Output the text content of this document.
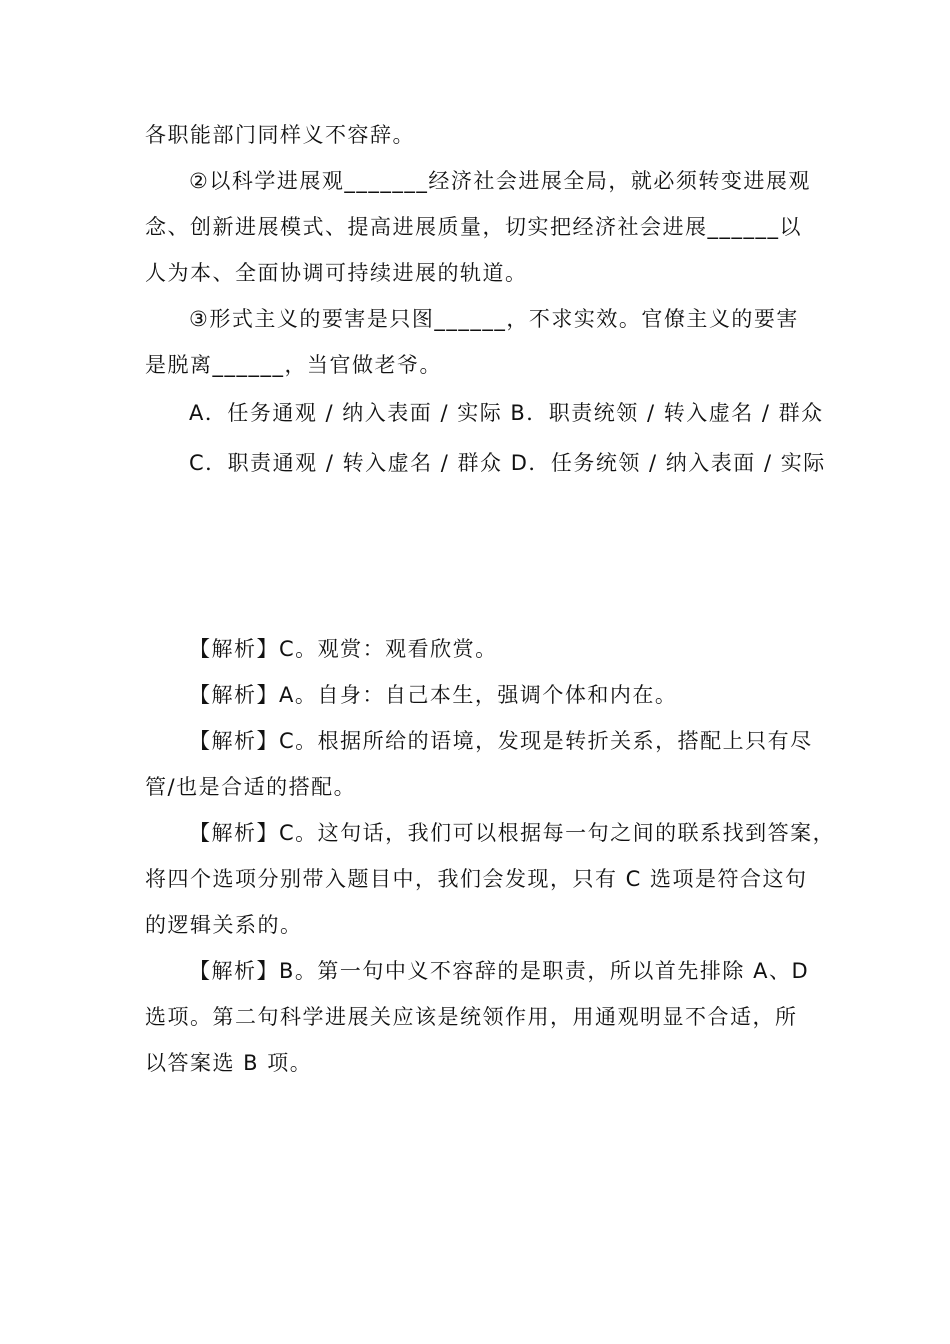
各职能部门同样义不容辞。
②以科学进展观_______经济社会进展全局，就必须转变进展观
念、创新进展模式、提高进展质量，切实把经济社会进展______以
人为本、全面协调可持续进展的轨道。
③形式主义的要害是只图______，不求实效。官僚主义的要害
是脱离______，当官做老爷。
A．任务通观 / 纳入表面 / 实际 B．职责统领 / 转入虚名 / 群众
C．职责通观 / 转入虚名 / 群众 D．任务统领 / 纳入表面 / 实际
【解析】C。观赏：观看欣赏。
【解析】A。自身：自己本生，强调个体和内在。
【解析】C。根据所给的语境，发现是转折关系，搭配上只有尽
管/也是合适的搭配。
【解析】C。这句话，我们可以根据每一句之间的联系找到答案，
将四个选项分别带入题目中，我们会发现，只有 C 选项是符合这句
的逻辑关系的。
【解析】B。第一句中义不容辞的是职责，所以首先排除 A、D
选项。第二句科学进展关应该是统领作用，用通观明显不合适，所
以答案选 B 项。
